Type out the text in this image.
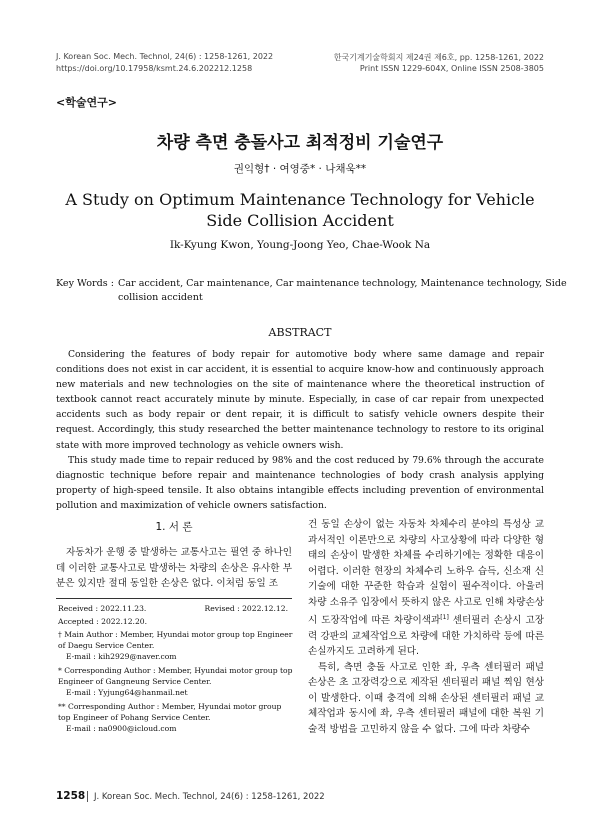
J. Korean Soc. Mech. Technol, 24(6) : 1258-1261, 2022
https://doi.org/10.17958/ksmt.24.6.202212.1258
한국기계기술학회지 제24권 제6호, pp. 1258-1261, 2022
Print ISSN 1229-604X, Online ISSN 2508-3805
<학술연구>
차량 측면 충돌사고 최적정비 기술연구
권익형† · 여영중* · 나채욱**
A Study on Optimum Maintenance Technology for Vehicle
Side Collision Accident
Ik-Kyung Kwon, Young-Joong Yeo, Chae-Wook Na
Key Words : Car accident, Car maintenance, Car maintenance technology, Maintenance technology, Side
collision accident
ABSTRACT

Considering the features of body repair for automotive body where same damage and repair conditions does not exist in car accident, it is essential to acquire know-how and continuously approach new materials and new technologies on the site of maintenance where the theoretical instruction of textbook cannot react accurately minute by minute. Especially, in case of car repair from unexpected accidents such as body repair or dent repair, it is difficult to satisfy vehicle owners despite their request. Accordingly, this study researched the better maintenance technology to restore to its original state with more improved technology as vehicle owners wish.

This study made time to repair reduced by 98% and the cost reduced by 79.6% through the accurate diagnostic technique before repair and maintenance technologies of body crash analysis applying property of high-speed tensile. It also obtains intangible effects including prevention of environmental pollution and maximization of vehicle owners satisfaction.

1. 서 론
자동차가 운행 중 발생하는 교통사고는 필연 중 하나인데 이러한 교통사고로 발생하는 차량의 손상은 유사한 부분은 있지만 절대 동일한 손상은 없다. 이처럼 동일 조
Received : 2022.11.23.	Revised : 2022.12.12.
Accepted : 2022.12.20.
† Main Author : Member, Hyundai motor group top Engineer of Daegu Service Center.
E-mail : kih2929@naver.com
* Corresponding Author : Member, Hyundai motor group top Engineer of Gangneung Service Center.
E-mail : Yyjung64@hanmail.net
** Corresponding Author : Member, Hyundai motor group top Engineer of Pohang Service Center.
E-mail : na0900@icloud.com

건 동일 손상이 없는 자동차 차체수리 분야의 특성상 교과서적인 이론만으로 차량의 사고상황에 따라 다양한 형태의 손상이 발생한 차체를 수리하기에는 정확한 대응이 어렵다. 이러한 현장의 차체수리 노하우 습득, 신소재 신기술에 대한 꾸준한 학습과 실험이 필수적이다. 아울러 차량 소유주 입장에서 뜻하지 않은 사고로 인해 차량손상시 도장작업에 따른 차량이색과[1] 센터필러 손상시 고장력 강판의 교체작업으로 차량에 대한 가치하락 등에 따른 손실까지도 고려하게 된다.

특히, 측면 충돌 사고로 인한 좌, 우측 센터필러 패널 손상은 초 고장력강으로 제작된 센터필러 패널 찍임 현상이 발생한다. 이때 충격에 의해 손상된 센터필러 패널 교체작업과 동시에 좌, 우측 센터필러 패널에 대한 복원 기술적 방법을 고민하지 않을 수 없다. 그에 따라 차량수

1258 J. Korean Soc. Mech. Technol, 24(6) : 1258-1261, 2022
